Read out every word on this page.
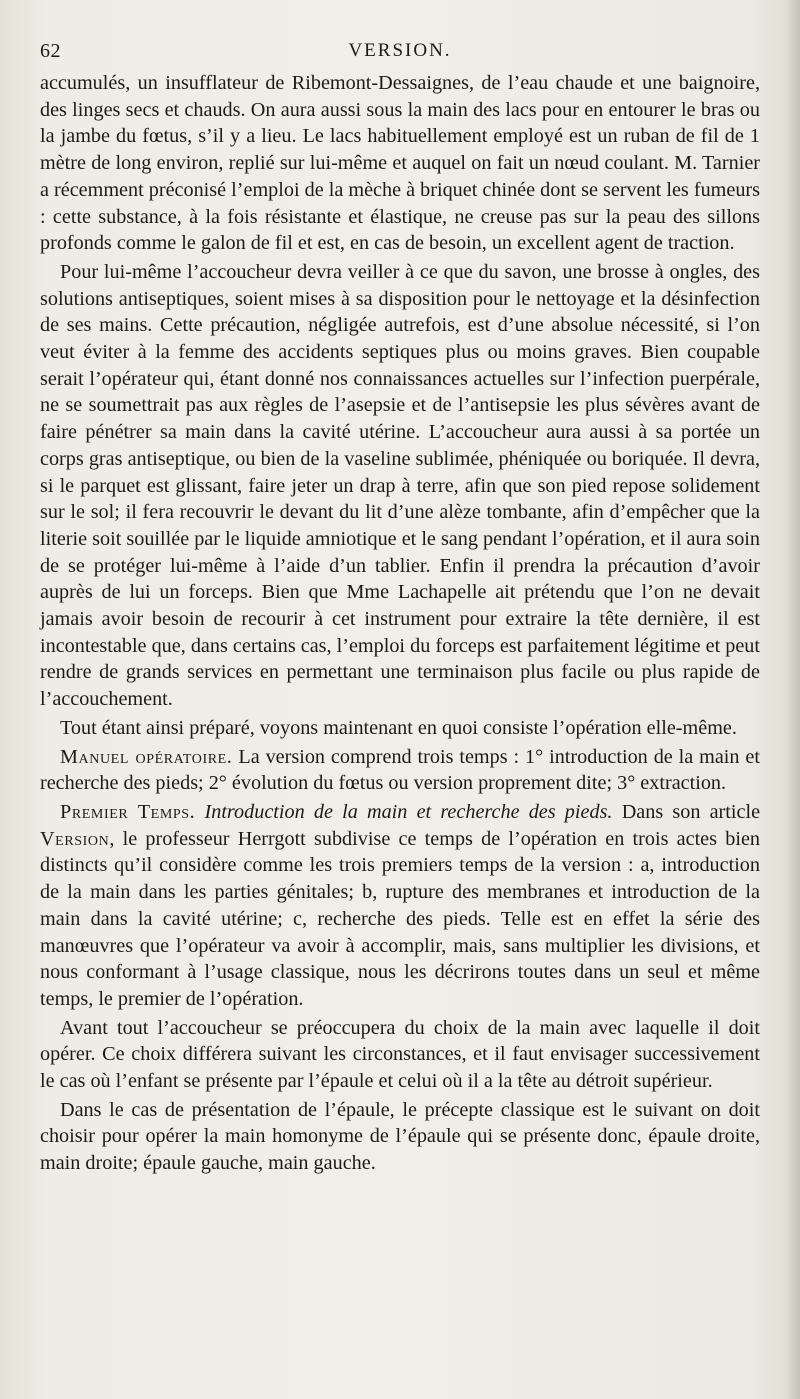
62	VERSION.

accumulés, un insufflateur de Ribemont-Dessaignes, de l’eau chaude et une baignoire, des linges secs et chauds. On aura aussi sous la main des lacs pour en entourer le bras ou la jambe du fœtus, s’il y a lieu. Le lacs habituellement employé est un ruban de fil de 1 mètre de long environ, replié sur lui-même et auquel on fait un nœud coulant. M. Tarnier a récemment préconisé l’emploi de la mèche à briquet chinée dont se servent les fumeurs : cette substance, à la fois résistante et élastique, ne creuse pas sur la peau des sillons profonds comme le galon de fil et est, en cas de besoin, un excellent agent de traction.

Pour lui-même l’accoucheur devra veiller à ce que du savon, une brosse à ongles, des solutions antiseptiques, soient mises à sa disposition pour le nettoyage et la désinfection de ses mains. Cette précaution, négligée autrefois, est d’une absolue nécessité, si l’on veut éviter à la femme des accidents septiques plus ou moins graves. Bien coupable serait l’opérateur qui, étant donné nos connaissances actuelles sur l’infection puerpérale, ne se soumettrait pas aux règles de l’asepsie et de l’antisepsie les plus sévères avant de faire pénétrer sa main dans la cavité utérine. L’accoucheur aura aussi à sa portée un corps gras antiseptique, ou bien de la vaseline sublimée, phéniquée ou boriquée. Il devra, si le parquet est glissant, faire jeter un drap à terre, afin que son pied repose solidement sur le sol; il fera recouvrir le devant du lit d’une alèze tombante, afin d’empêcher que la literie soit souillée par le liquide amniotique et le sang pendant l’opération, et il aura soin de se protéger lui-même à l’aide d’un tablier. Enfin il prendra la précaution d’avoir auprès de lui un forceps. Bien que Mme Lachapelle ait prétendu que l’on ne devait jamais avoir besoin de recourir à cet instrument pour extraire la tête dernière, il est incontestable que, dans certains cas, l’emploi du forceps est parfaitement légitime et peut rendre de grands services en permettant une terminaison plus facile ou plus rapide de l’accouchement.

Tout étant ainsi préparé, voyons maintenant en quoi consiste l’opération elle-même.

Manuel opératoire. La version comprend trois temps : 1° introduction de la main et recherche des pieds; 2° évolution du fœtus ou version proprement dite; 3° extraction.

Premier Temps. Introduction de la main et recherche des pieds. Dans son article Version, le professeur Herrgott subdivise ce temps de l’opération en trois actes bien distincts qu’il considère comme les trois premiers temps de la version : a, introduction de la main dans les parties génitales; b, rupture des membranes et introduction de la main dans la cavité utérine; c, recherche des pieds. Telle est en effet la série des manœuvres que l’opérateur va avoir à accomplir, mais, sans multiplier les divisions, et nous conformant à l’usage classique, nous les décrirons toutes dans un seul et même temps, le premier de l’opération.

Avant tout l’accoucheur se préoccupera du choix de la main avec laquelle il doit opérer. Ce choix différera suivant les circonstances, et il faut envisager successivement le cas où l’enfant se présente par l’épaule et celui où il a la tête au détroit supérieur.

Dans le cas de présentation de l’épaule, le précepte classique est le suivant on doit choisir pour opérer la main homonyme de l’épaule qui se présente donc, épaule droite, main droite; épaule gauche, main gauche.
